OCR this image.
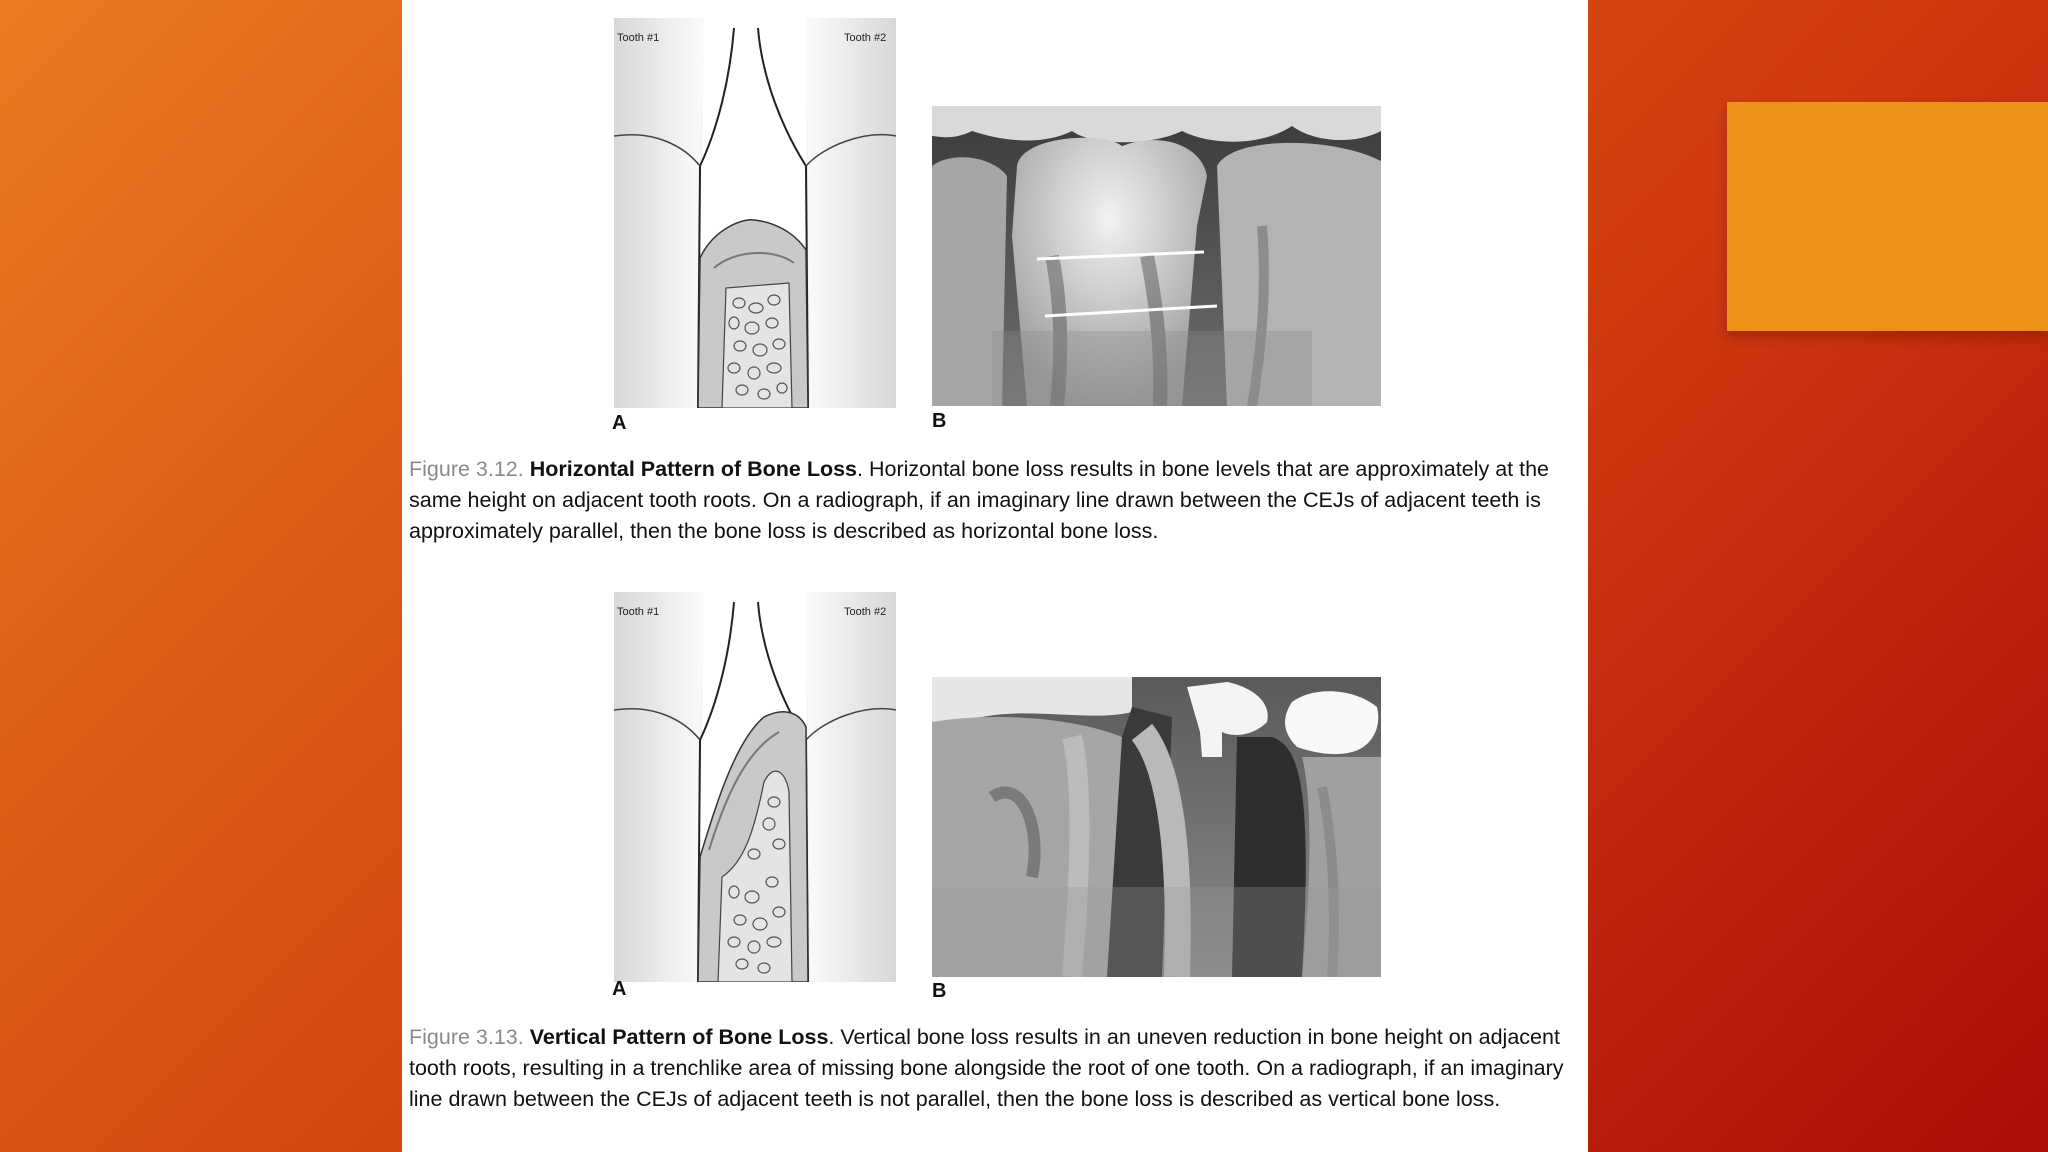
Tooth #1	Tooth #2
A	B
Figure 3.12. Horizontal Pattern of Bone Loss. Horizontal bone loss results in bone levels that are approximately at the same height on adjacent tooth roots. On a radiograph, if an imaginary line drawn between the CEJs of adjacent teeth is approximately parallel, then the bone loss is described as horizontal bone loss.
Tooth #1	Tooth #2
A	B
Figure 3.13. Vertical Pattern of Bone Loss. Vertical bone loss results in an uneven reduction in bone height on adjacent tooth roots, resulting in a trenchlike area of missing bone alongside the root of one tooth. On a radiograph, if an imaginary line drawn between the CEJs of adjacent teeth is not parallel, then the bone loss is described as vertical bone loss.
